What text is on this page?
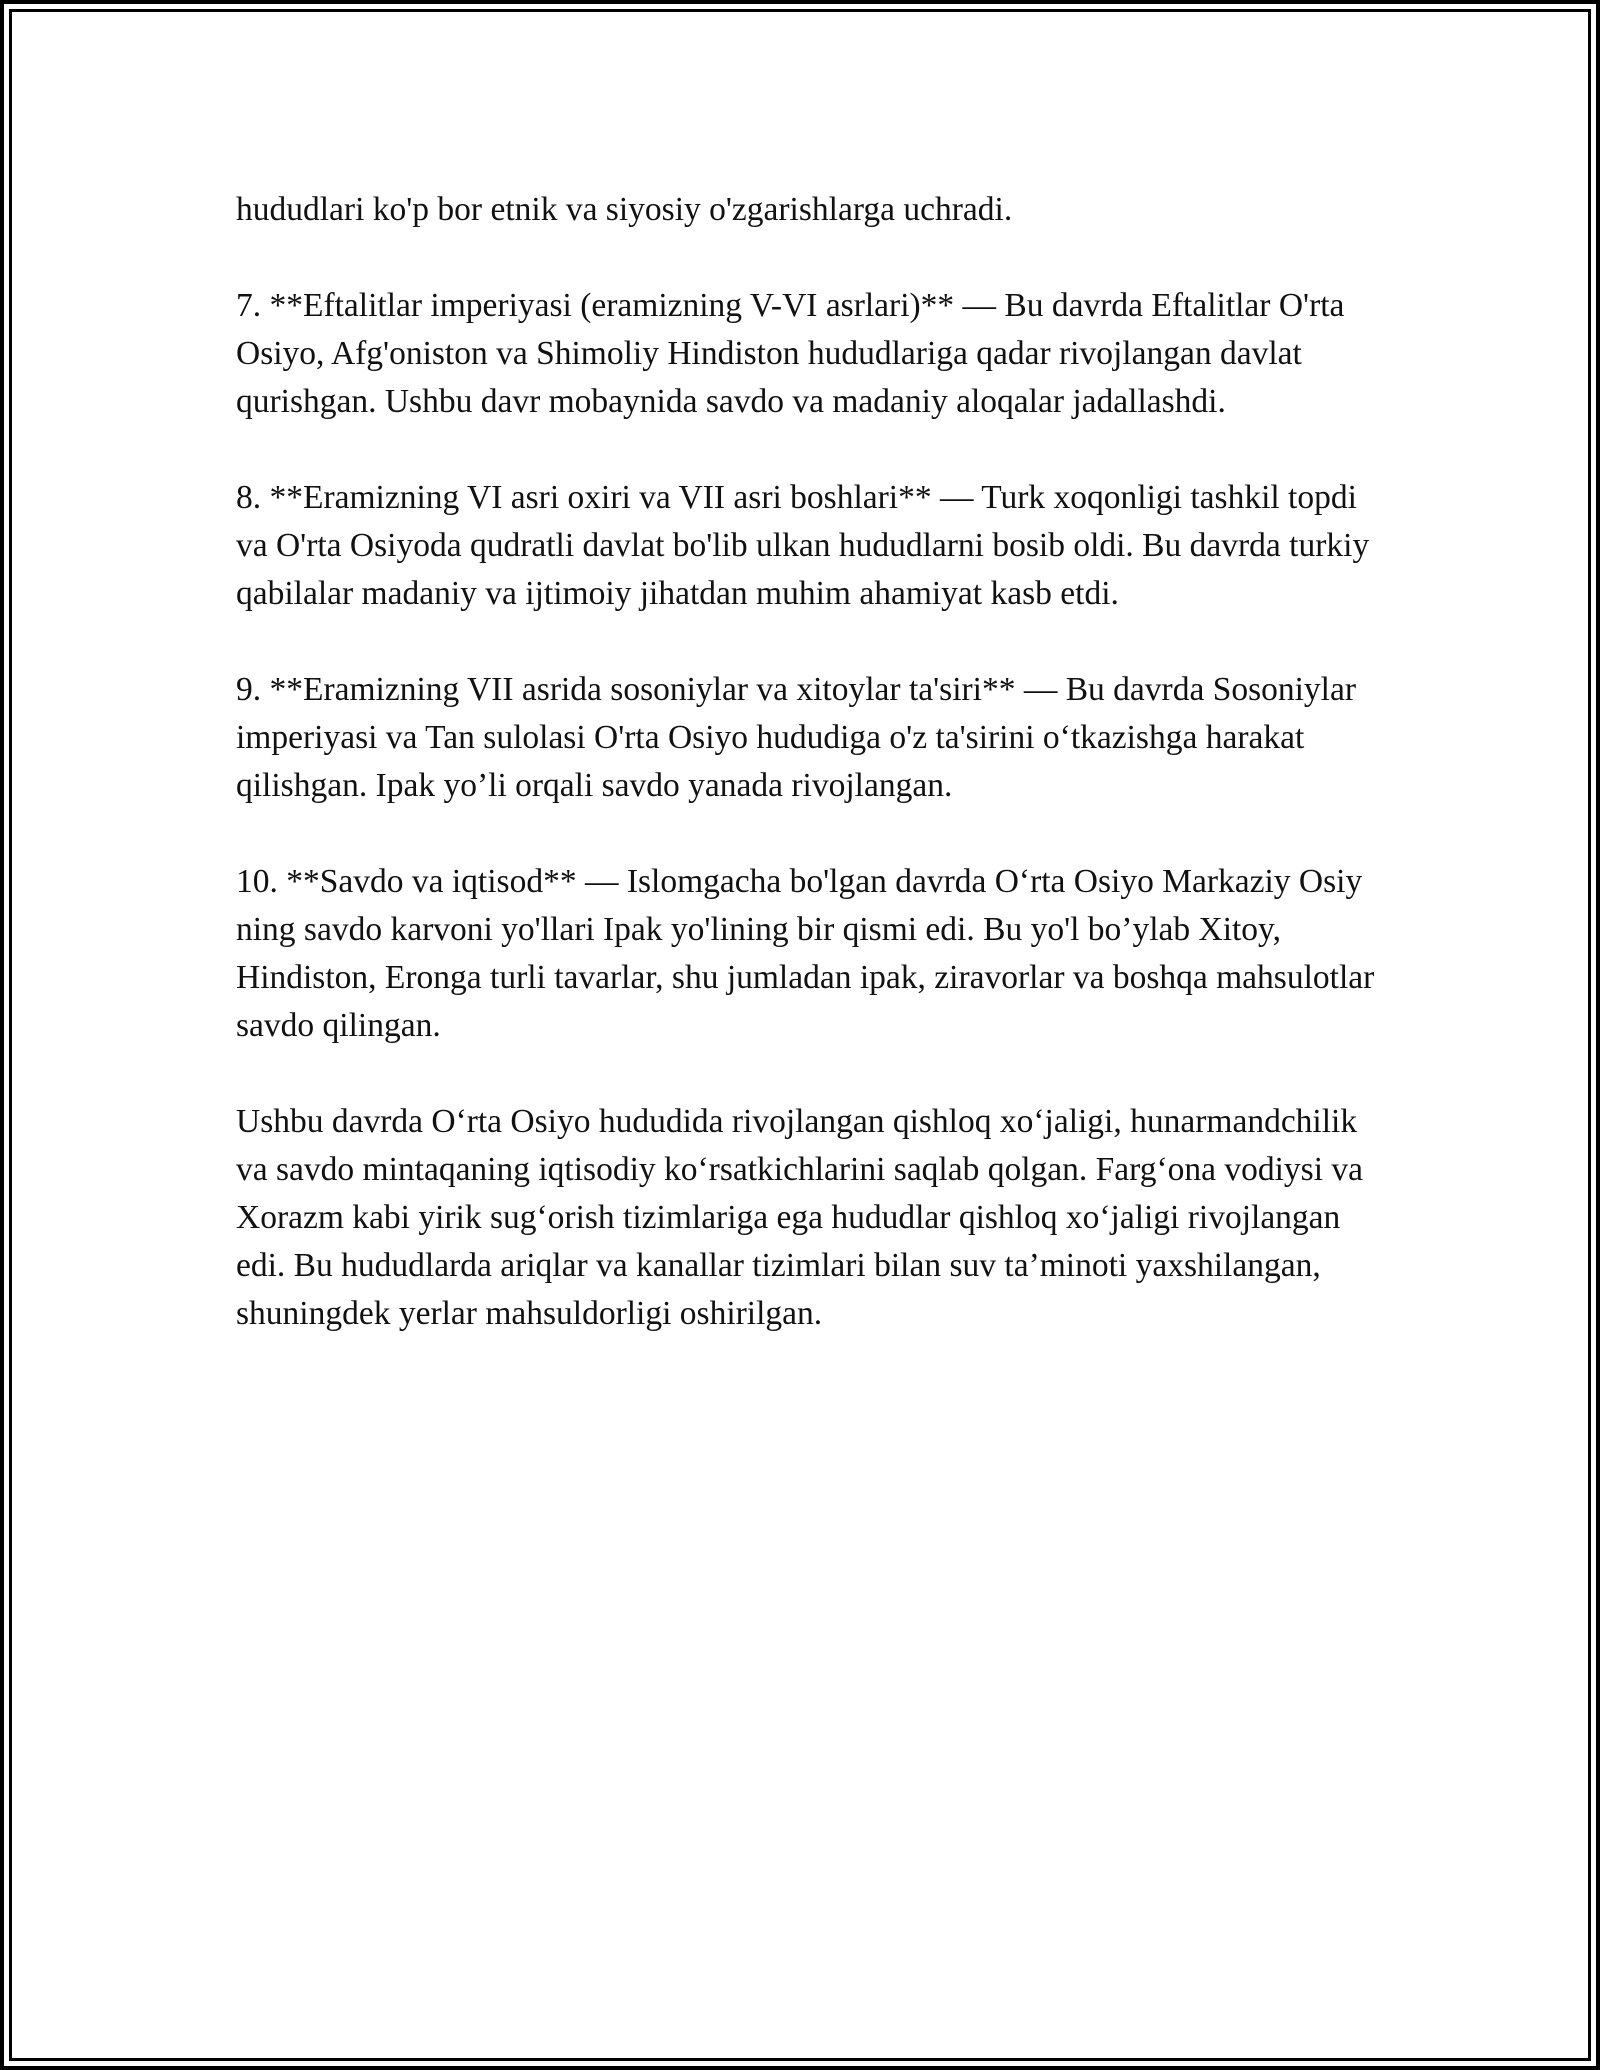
hududlari ko'p bor etnik va siyosiy o'zgarishlarga uchradi.

7. **Eftalitlar imperiyasi (eramizning V-VI asrlari)** — Bu davrda Eftalitlar O'rta Osiyo, Afg'oniston va Shimoliy Hindiston hududlariga qadar rivojlangan davlat qurishgan. Ushbu davr mobaynida savdo va madaniy aloqalar jadallashdi.

8. **Eramizning VI asri oxiri va VII asri boshlari** — Turk xoqonligi tashkil topdi va O'rta Osiyoda qudratli davlat bo'lib ulkan hududlarni bosib oldi. Bu davrda turkiy qabilalar madaniy va ijtimoiy jihatdan muhim ahamiyat kasb etdi.

9. **Eramizning VII asrida sosoniylar va xitoylar ta'siri** — Bu davrda Sosoniylar imperiyasi va Tan sulolasi O'rta Osiyo hududiga o'z ta'sirini o‘tkazishga harakat qilishgan. Ipak yo’li orqali savdo yanada rivojlangan.

10. **Savdo va iqtisod** — Islomgacha bo'lgan davrda O‘rta Osiyo Markaziy Osiy ning savdo karvoni yo'llari Ipak yo'lining bir qismi edi. Bu yo'l bo’ylab Xitoy, Hindiston, Eronga turli tavarlar, shu jumladan ipak, ziravorlar va boshqa mahsulotlar savdo qilingan.

Ushbu davrda O‘rta Osiyo hududida rivojlangan qishloq xo‘jaligi, hunarmandchilik va savdo mintaqaning iqtisodiy ko‘rsatkichlarini saqlab qolgan. Farg‘ona vodiysi va Xorazm kabi yirik sug‘orish tizimlariga ega hududlar qishloq xo‘jaligi rivojlangan edi. Bu hududlarda ariqlar va kanallar tizimlari bilan suv ta’minoti yaxshilangan, shuningdek yerlar mahsuldorligi oshirilgan.
